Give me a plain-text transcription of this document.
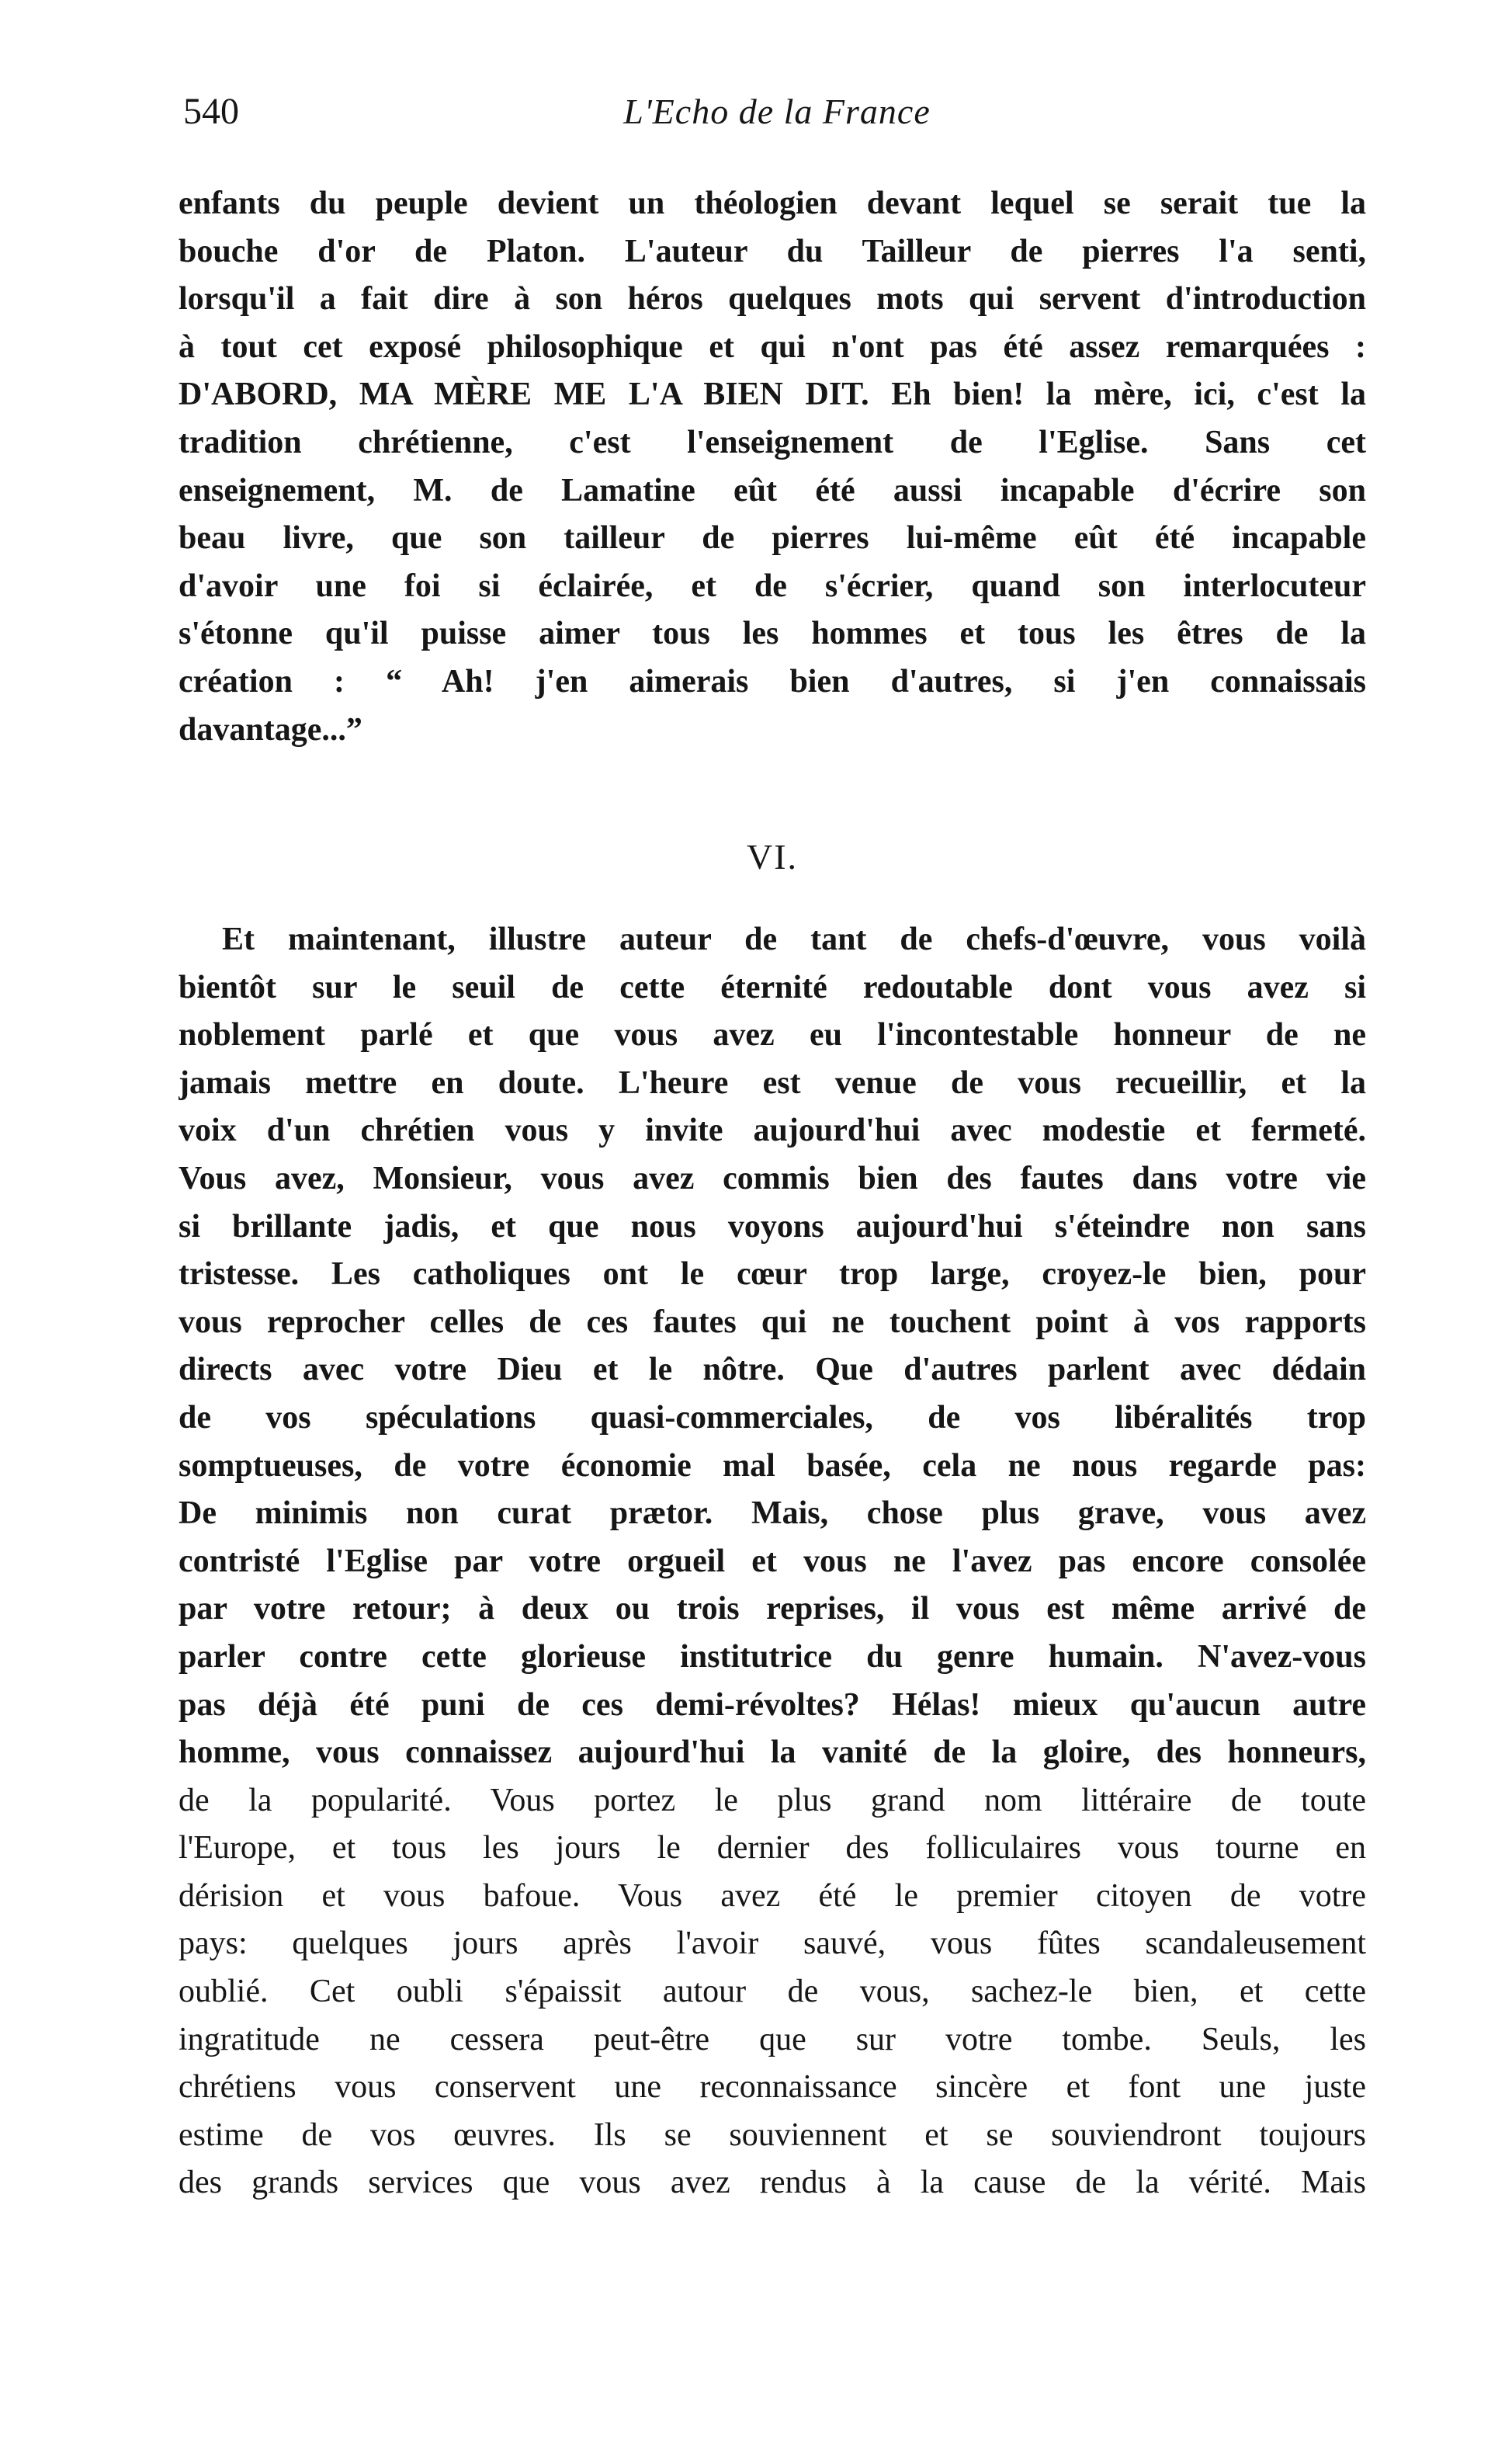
540	L'Echo de la France
enfants du peuple devient un théologien devant lequel se serait tue la
bouche d'or de Platon. L'auteur du Tailleur de pierres l'a senti,
lorsqu'il a fait dire à son héros quelques mots qui servent d'introduction
à tout cet exposé philosophique et qui n'ont pas été assez remarquées :
D'ABORD, MA MÈRE ME L'A BIEN DIT. Eh bien! la mère, ici, c'est la
tradition chrétienne, c'est l'enseignement de l'Eglise. Sans cet
enseignement, M. de Lamatine eût été aussi incapable d'écrire son
beau livre, que son tailleur de pierres lui-même eût été incapable
d'avoir une foi si éclairée, et de s'écrier, quand son interlocuteur
s'étonne qu'il puisse aimer tous les hommes et tous les êtres de la
création : “ Ah! j'en aimerais bien d'autres, si j'en connaissais
davantage...”
VI.
Et maintenant, illustre auteur de tant de chefs-d'œuvre, vous voilà
bientôt sur le seuil de cette éternité redoutable dont vous avez si
noblement parlé et que vous avez eu l'incontestable honneur de ne
jamais mettre en doute. L'heure est venue de vous recueillir, et la
voix d'un chrétien vous y invite aujourd'hui avec modestie et fermeté.
Vous avez, Monsieur, vous avez commis bien des fautes dans votre vie
si brillante jadis, et que nous voyons aujourd'hui s'éteindre non sans
tristesse. Les catholiques ont le cœur trop large, croyez-le bien, pour
vous reprocher celles de ces fautes qui ne touchent point à vos rapports
directs avec votre Dieu et le nôtre. Que d'autres parlent avec dédain
de vos spéculations quasi-commerciales, de vos libéralités trop
somptueuses, de votre économie mal basée, cela ne nous regarde pas:
De minimis non curat prætor. Mais, chose plus grave, vous avez
contristé l'Eglise par votre orgueil et vous ne l'avez pas encore consolée
par votre retour; à deux ou trois reprises, il vous est même arrivé de
parler contre cette glorieuse institutrice du genre humain. N'avez-vous
pas déjà été puni de ces demi-révoltes? Hélas! mieux qu'aucun autre
homme, vous connaissez aujourd'hui la vanité de la gloire, des honneurs,
de la popularité. Vous portez le plus grand nom littéraire de toute
l'Europe, et tous les jours le dernier des folliculaires vous tourne en
dérision et vous bafoue. Vous avez été le premier citoyen de votre
pays: quelques jours après l'avoir sauvé, vous fûtes scandaleusement
oublié. Cet oubli s'épaissit autour de vous, sachez-le bien, et cette
ingratitude ne cessera peut-être que sur votre tombe. Seuls, les
chrétiens vous conservent une reconnaissance sincère et font une juste
estime de vos œuvres. Ils se souviennent et se souviendront toujours
des grands services que vous avez rendus à la cause de la vérité. Mais
